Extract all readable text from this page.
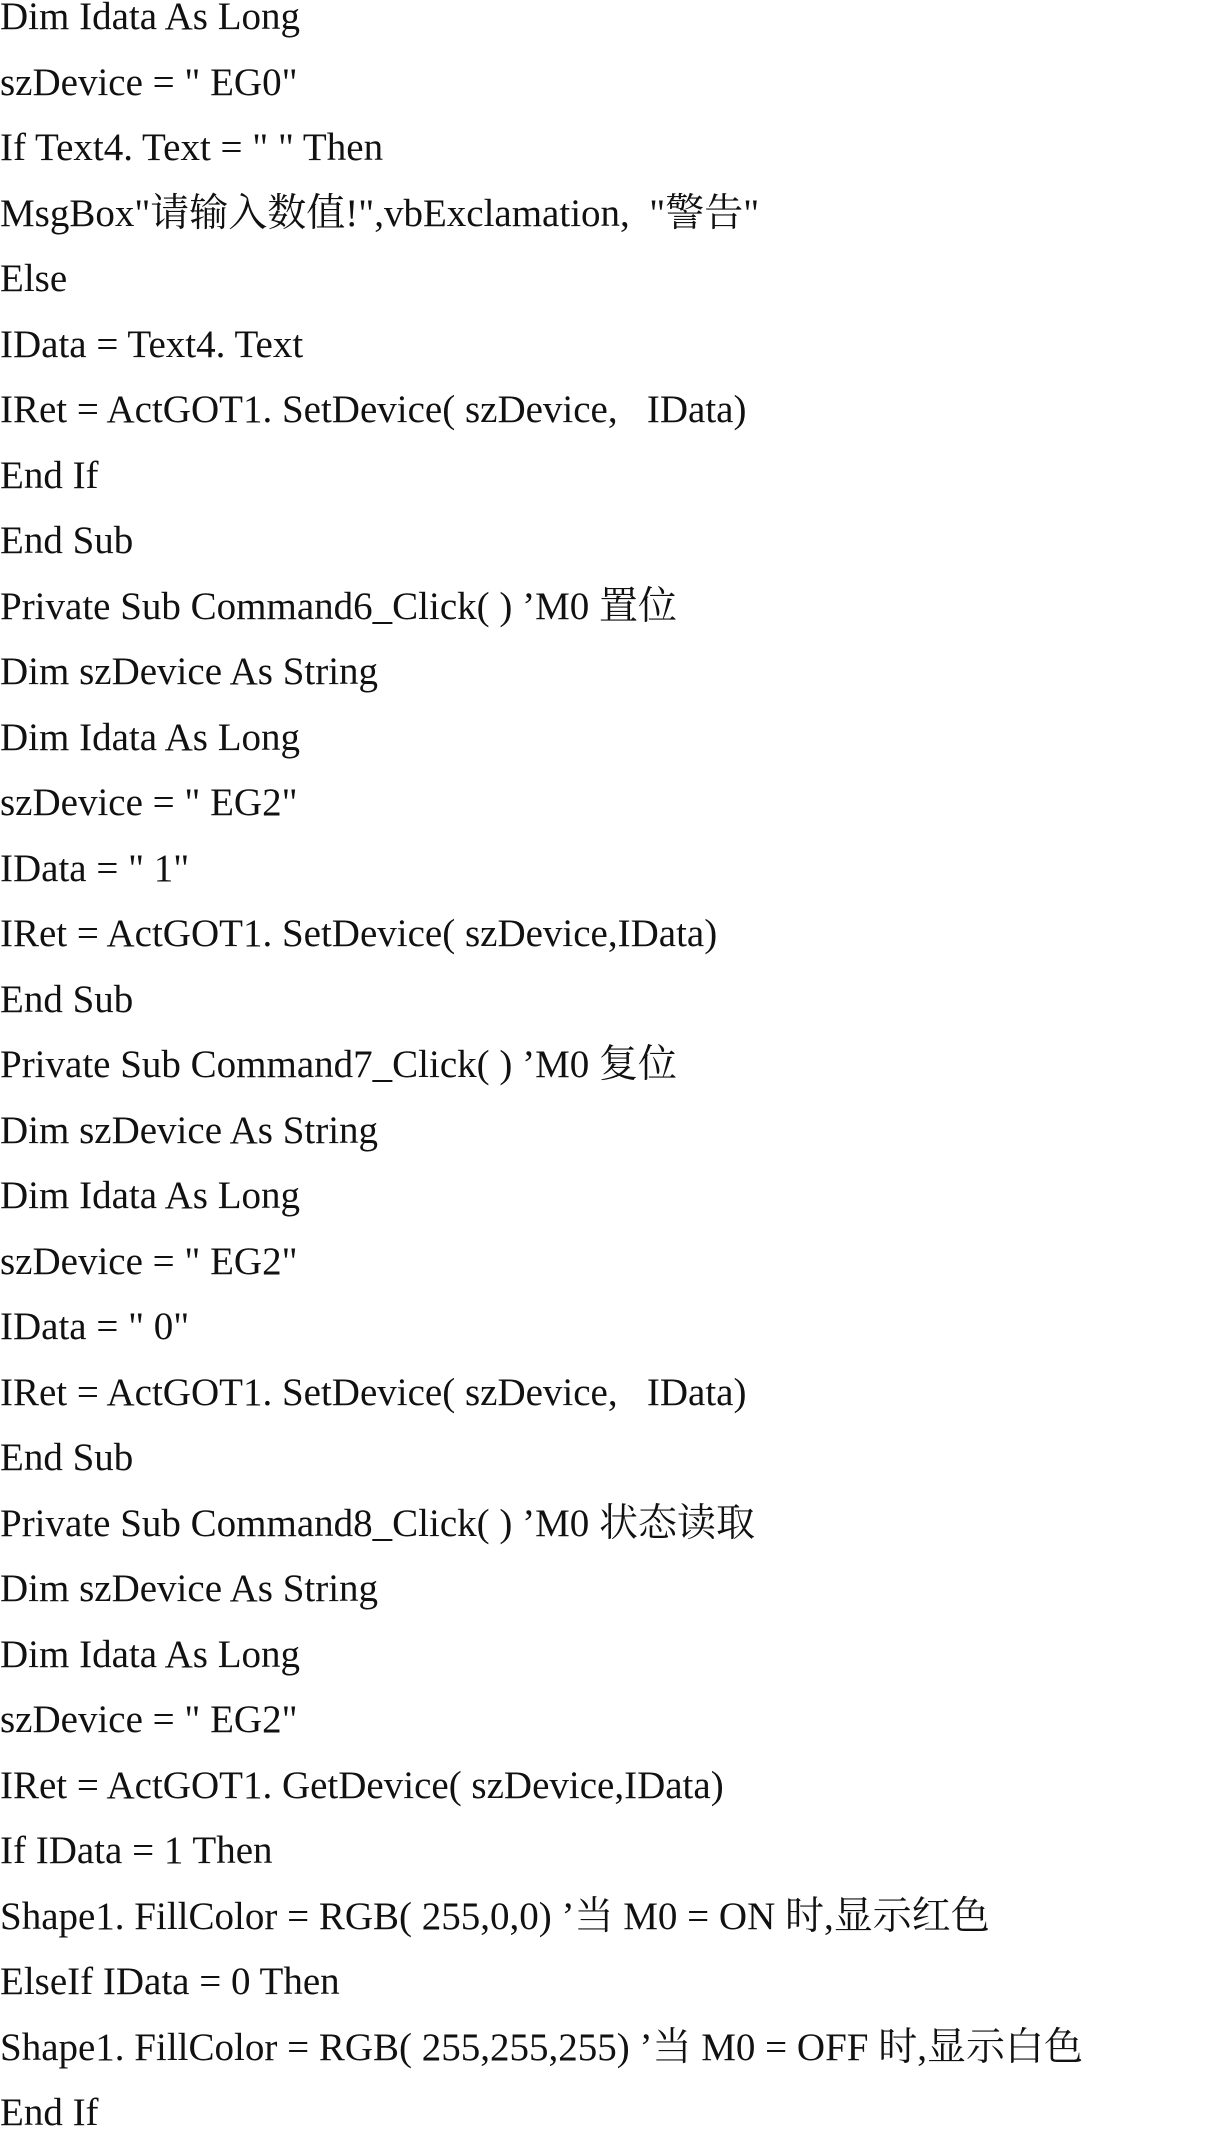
Dim Idata As Long
szDevice = " EG0"
If Text4. Text = " " Then
MsgBox"请输入数值!",vbExclamation,  "警告"
Else
IData = Text4. Text
IRet = ActGOT1. SetDevice( szDevice,   IData)
End If
End Sub
Private Sub Command6_Click( ) ’M0 置位
Dim szDevice As String
Dim Idata As Long
szDevice = " EG2"
IData = " 1"
IRet = ActGOT1. SetDevice( szDevice,IData)
End Sub
Private Sub Command7_Click( ) ’M0 复位
Dim szDevice As String
Dim Idata As Long
szDevice = " EG2"
IData = " 0"
IRet = ActGOT1. SetDevice( szDevice,   IData)
End Sub
Private Sub Command8_Click( ) ’M0 状态读取
Dim szDevice As String
Dim Idata As Long
szDevice = " EG2"
IRet = ActGOT1. GetDevice( szDevice,IData)
If IData = 1 Then
Shape1. FillColor = RGB( 255,0,0) ’当 M0 = ON 时,显示红色
ElseIf IData = 0 Then
Shape1. FillColor = RGB( 255,255,255) ’当 M0 = OFF 时,显示白色
End If
